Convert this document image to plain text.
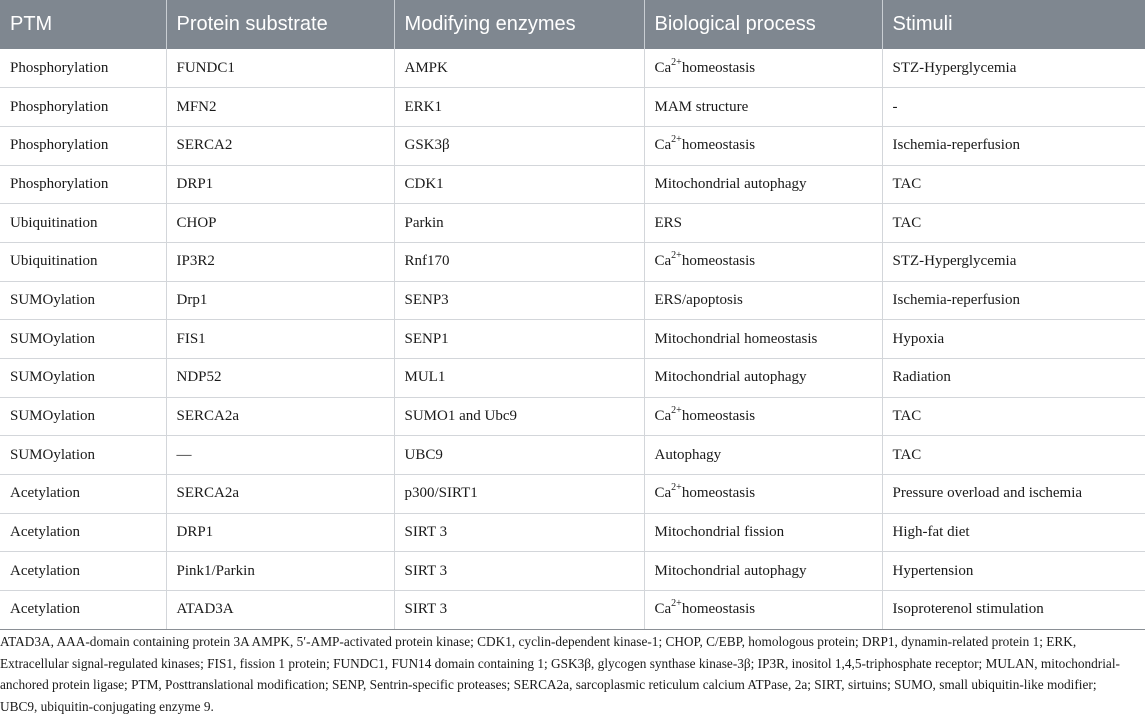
PTM	Protein substrate	Modifying enzymes	Biological process	Stimuli
Phosphorylation	FUNDC1	AMPK	$Ca^{2+}homeostasis$	STZ-Hyperglycemia
Phosphorylation	MFN2	ERK1	MAM structure	-
Phosphorylation	SERCA2	GSK3β	$Ca^{2+}homeostasis$	Ischemia-reperfusion
Phosphorylation	DRP1	CDK1	Mitochondrial autophagy	TAC
Ubiquitination	CHOP	Parkin	ERS	TAC
Ubiquitination	IP3R2	Rnf170	$Ca^{2+}homeostasis$	STZ-Hyperglycemia
SUMOylation	Drp1	SENP3	ERS/apoptosis	Ischemia-reperfusion
SUMOylation	FIS1	SENP1	Mitochondrial homeostasis	Hypoxia
SUMOylation	NDP52	MUL1	Mitochondrial autophagy	Radiation
SUMOylation	SERCA2a	SUMO1 and Ubc9	$Ca^{2+}homeostasis$	TAC
SUMOylation	—	UBC9	Autophagy	TAC
Acetylation	SERCA2a	p300/SIRT1	$Ca^{2+}homeostasis$	Pressure overload and ischemia
Acetylation	DRP1	SIRT 3	Mitochondrial fission	High-fat diet
Acetylation	Pink1/Parkin	SIRT 3	Mitochondrial autophagy	Hypertension
Acetylation	ATAD3A	SIRT 3	$Ca^{2+}homeostasis$	Isoproterenol stimulation
ATAD3A, AAA-domain containing protein 3A AMPK, 5′-AMP-activated protein kinase; CDK1, cyclin-dependent kinase-1; CHOP, C/EBP, homologous protein; DRP1, dynamin-related protein 1; ERK, Extracellular signal-regulated kinases; FIS1, fission 1 protein; FUNDC1, FUN14 domain containing 1; GSK3β, glycogen synthase kinase-3β; IP3R, inositol 1,4,5-triphosphate receptor; MULAN, mitochondrial-anchored protein ligase; PTM, Posttranslational modification; SENP, Sentrin-specific proteases; SERCA2a, sarcoplasmic reticulum calcium ATPase, 2a; SIRT, sirtuins; SUMO, small ubiquitin-like modifier; UBC9, ubiquitin-conjugating enzyme 9.
